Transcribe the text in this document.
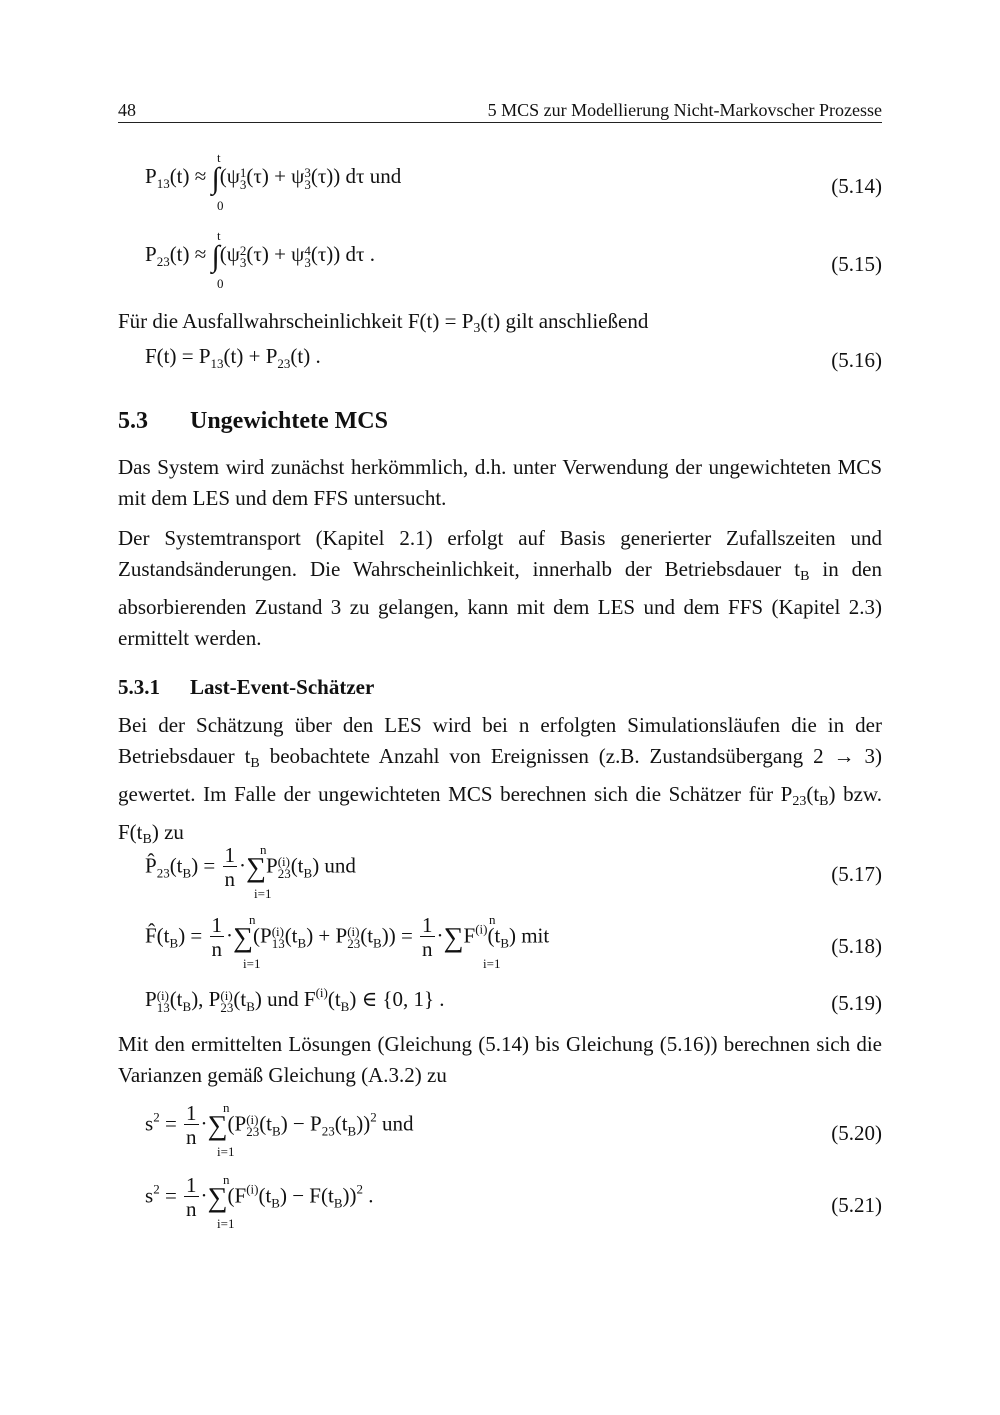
48	5 MCS zur Modellierung Nicht-Markovscher Prozesse
t
0
$P_{13}(t) \approx \int(\psi 1$
3(τ) + ψ3
3(τ)) dτ und	(5.14)
t
0
$P_{23}(t) \approx \int(\psi 2$
3(τ) + ψ4
3(τ)) dτ .	(5.15)

Für die Ausfallwahrscheinlichkeit F(t) = P3(t) gilt anschließend

$F(t) = P_{13}(t) + P_{23}(t)$ .	(5.16)
5.3 Ungewichtete MCS

Das System wird zunächst herkömmlich, d.h. unter Verwendung der ungewichteten MCS mit dem LES und dem FFS untersucht.

Der Systemtransport (Kapitel 2.1) erfolgt auf Basis generierter Zufallszeiten und Zustandsänderungen. Die Wahrscheinlichkeit, innerhalb der Betriebsdauer tB in den absorbierenden Zustand 3 zu gelangen, kann mit dem LES und dem FFS (Kapitel 2.3) ermittelt werden.

5.3.1 Last-Event-Schätzer

Bei der Schätzung über den LES wird bei n erfolgten Simulationsläufen die in der Betriebsdauer tB beobachtete Anzahl von Ereignissen (z.B. Zustandsübergang 2 → 3) gewertet. Im Falle der ungewichteten MCS berechnen sich die Schätzer für P23(tB) bzw. F(tB) zu

n
i=1
$P̂_{23}(t_B) = \frac{1}{n} \cdot\sum P(i)$
$23(t_B)$ und	(5.17)
n
i=1
n
i=1
$F̂(t_B) = \frac{1}{n} \cdot\sum(P(i)$
$13(t_B) + P(i)$
$23(t_B)) = \frac{1}{n} \cdot\sum F^{(i)}(t_B)$ mit	(5.18)
P(i)
$13(t_B)$, P(i)
$23(t_B)$ und $F^{(i)}(t_B)$ ∈ {0, 1} .	(5.19)

Mit den ermittelten Lösungen (Gleichung (5.14) bis Gleichung (5.16)) berechnen sich die Varianzen gemäß Gleichung (A.3.2) zu

n
i=1
$s^2 = \frac{1}{n} \cdot\sum(P(i)$
$23(t_B) - P_{23}(t_B))^2$ und	(5.20)
n
i=1
$s^2 = \frac{1}{n} \cdot\sum(F^{(i)}(t_B) - F(t_B))^2$ .	(5.21)
